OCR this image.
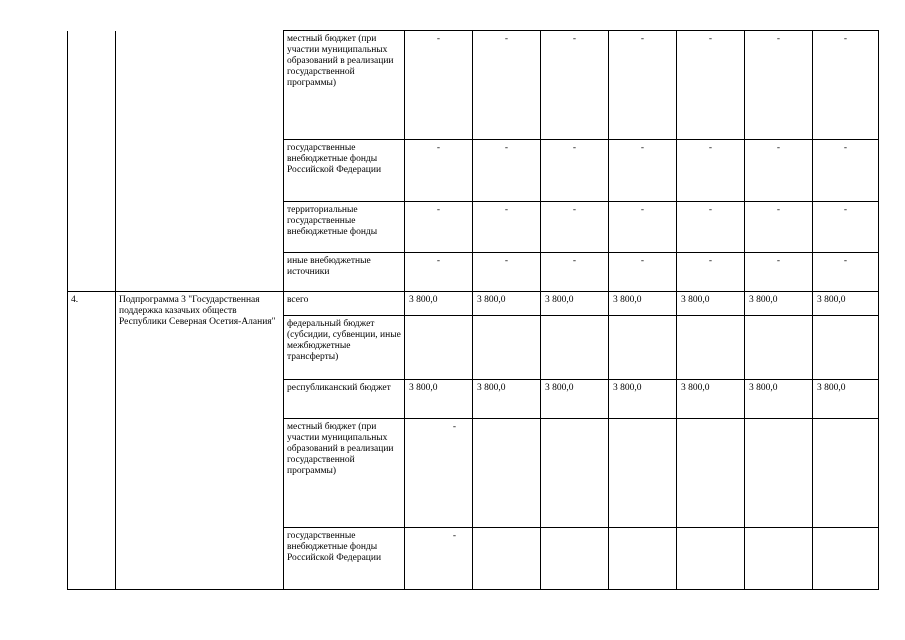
		местный бюджет (при участии муниципальных образований в реализации государственной программы)	-	-	-	-	-	-	-
		государственные внебюджетные фонды Российской Федерации	-	-	-	-	-	-	-
		территориальные государственные внебюджетные фонды	-	-	-	-	-	-	-
		иные внебюджетные источники	-	-	-	-	-	-	-
4.	Подпрограмма 3 "Государственная поддержка казачьих обществ Республики Северная Осетия-Алания"	всего	3 800,0	3 800,0	3 800,0	3 800,0	3 800,0	3 800,0	3 800,0
		федеральный бюджет (субсидии, субвенции, иные межбюджетные трансферты)							
		республиканский бюджет	3 800,0	3 800,0	3 800,0	3 800,0	3 800,0	3 800,0	3 800,0
		местный бюджет (при участии муниципальных образований в реализации государственной программы)	-						
		государственные внебюджетные фонды Российской Федерации	-						
